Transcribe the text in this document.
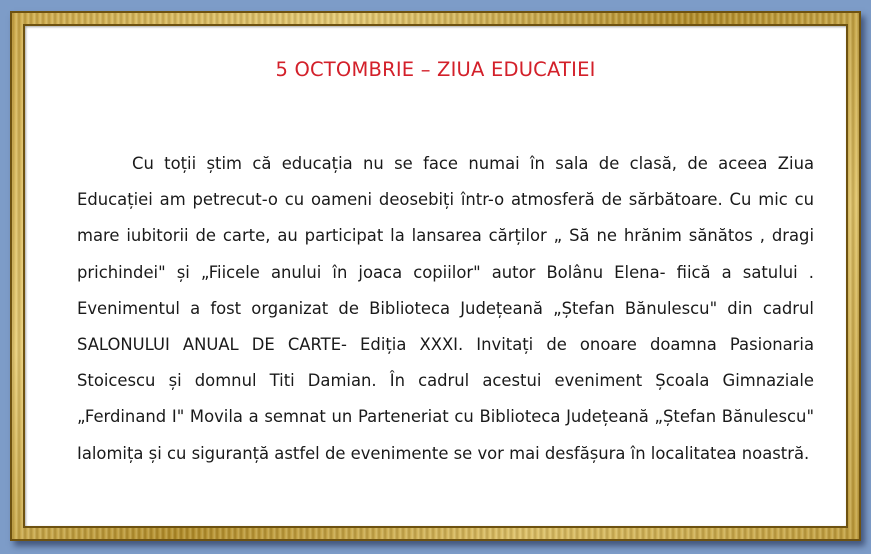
5 OCTOMBRIE – ZIUA EDUCATIEI

Cu toții știm că educația nu se face numai în sala de clasă, de aceea Ziua Educației am petrecut-o cu oameni deosebiți într-o atmosferă de sărbătoare. Cu mic cu mare iubitorii de carte, au participat la lansarea cărților „ Să ne hrănim sănătos , dragi prichindei" și „Fiicele anului în joaca copiilor" autor Bolânu Elena- fiică a satului . Evenimentul a fost organizat de Biblioteca Județeană „Ștefan Bănulescu" din cadrul SALONULUI ANUAL DE CARTE- Ediția XXXI. Invitați de onoare doamna Pasionaria Stoicescu și domnul Titi Damian. În cadrul acestui eveniment Școala Gimnaziale „Ferdinand I" Movila a semnat un Parteneriat cu Biblioteca Județeană „Ștefan Bănulescu" Ialomița și cu siguranță astfel de evenimente se vor mai desfășura în localitatea noastră.
